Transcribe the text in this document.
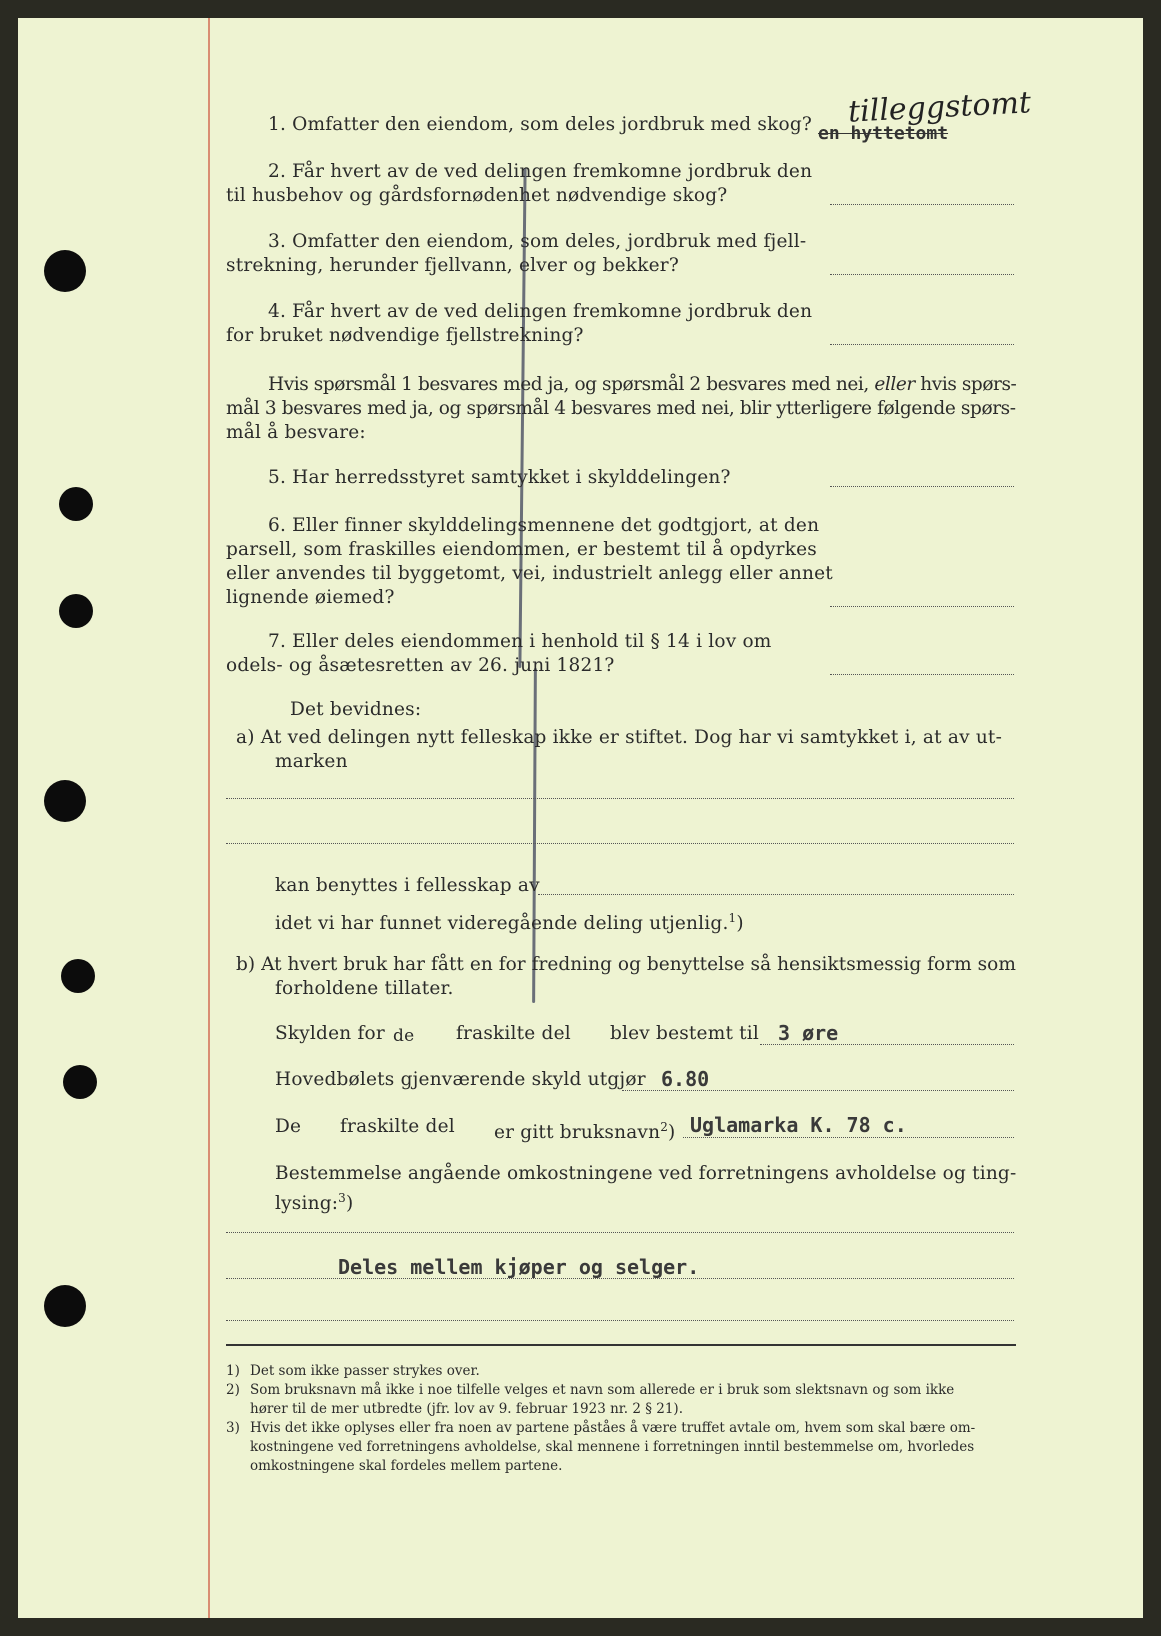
1. Omfatter den eiendom, som deles jordbruk med skog? en hyttetomt
tilleggstomt
2. Får hvert av de ved delingen fremkomne jordbruk den
til husbehov og gårdsfornødenhet nødvendige skog?
3. Omfatter den eiendom, som deles, jordbruk med fjell-
strekning, herunder fjellvann, elver og bekker?
4. Får hvert av de ved delingen fremkomne jordbruk den
for bruket nødvendige fjellstrekning?
Hvis spørsmål 1 besvares med ja, og spørsmål 2 besvares med nei, eller hvis spørs-
mål 3 besvares med ja, og spørsmål 4 besvares med nei, blir ytterligere følgende spørs-
mål å besvare:
5. Har herredsstyret samtykket i skylddelingen?
6. Eller finner skylddelingsmennene det godtgjort, at den
parsell, som fraskilles eiendommen, er bestemt til å opdyrkes
eller anvendes til byggetomt, vei, industrielt anlegg eller annet
lignende øiemed?
7. Eller deles eiendommen i henhold til § 14 i lov om
odels- og åsætesretten av 26. juni 1821?
Det bevidnes:
a) At ved delingen nytt felleskap ikke er stiftet. Dog har vi samtykket i, at av ut-
marken
kan benyttes i fellesskap av
idet vi har funnet videregående deling utjenlig.$^1$)
b) At hvert bruk har fått en for fredning og benyttelse så hensiktsmessig form som
forholdene tillater.
Skylden for de fraskilte del blev bestemt til 3 øre
Hovedbølets gjenværende skyld utgjør 6.80
De fraskilte del er gitt bruksnavn$^2$) Uglamarka K. 78 c.
Bestemmelse angående omkostningene ved forretningens avholdelse og ting-
lysing:$^3$)
Deles mellem kjøper og selger.
1) Det som ikke passer strykes over.
2) Som bruksnavn må ikke i noe tilfelle velges et navn som allerede er i bruk som slektsnavn og som ikke
hører til de mer utbredte (jfr. lov av 9. februar 1923 nr. 2 § 21).
3) Hvis det ikke oplyses eller fra noen av partene påståes å være truffet avtale om, hvem som skal bære om-
kostningene ved forretningens avholdelse, skal mennene i forretningen inntil bestemmelse om, hvorledes
omkostningene skal fordeles mellem partene.
